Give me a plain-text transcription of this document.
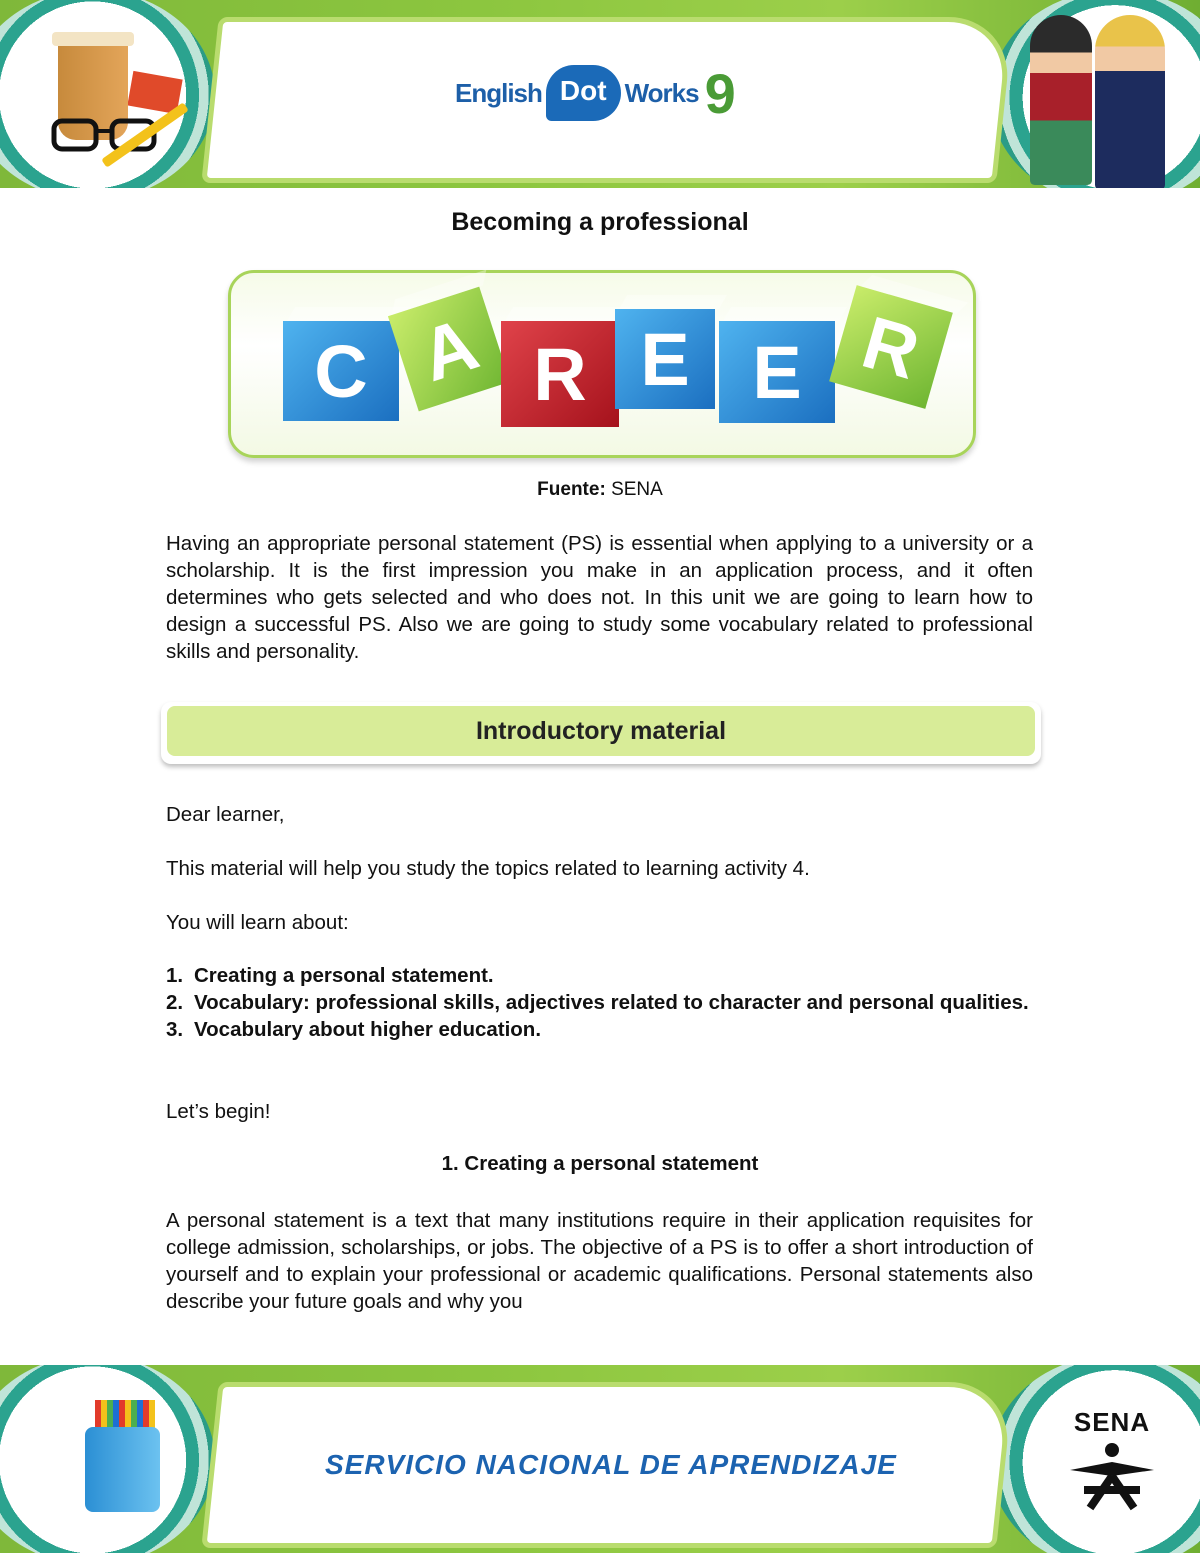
English Dot Works 9
Becoming a professional
C A R E E R
Fuente: SENA

Having an appropriate personal statement (PS) is essential when applying to a university or a scholarship. It is the first impression you make in an application process, and it often determines who gets selected and who does not. In this unit we are going to learn how to design a successful PS. Also we are going to study some vocabulary related to professional skills and personality.

Introductory material
Dear learner,
This material will help you study the topics related to learning activity 4.
You will learn about:
1. Creating a personal statement.
2. Vocabulary: professional skills, adjectives related to character and personal qualities.
3. Vocabulary about higher education.
Let’s begin!
1. Creating a personal statement

A personal statement is a text that many institutions require in their application requisites for college admission, scholarships, or jobs. The objective of a PS is to offer a short introduction of yourself and to explain your professional or academic qualifications. Personal statements also describe your future goals and why you

SERVICIO NACIONAL DE APRENDIZAJE
SENA
